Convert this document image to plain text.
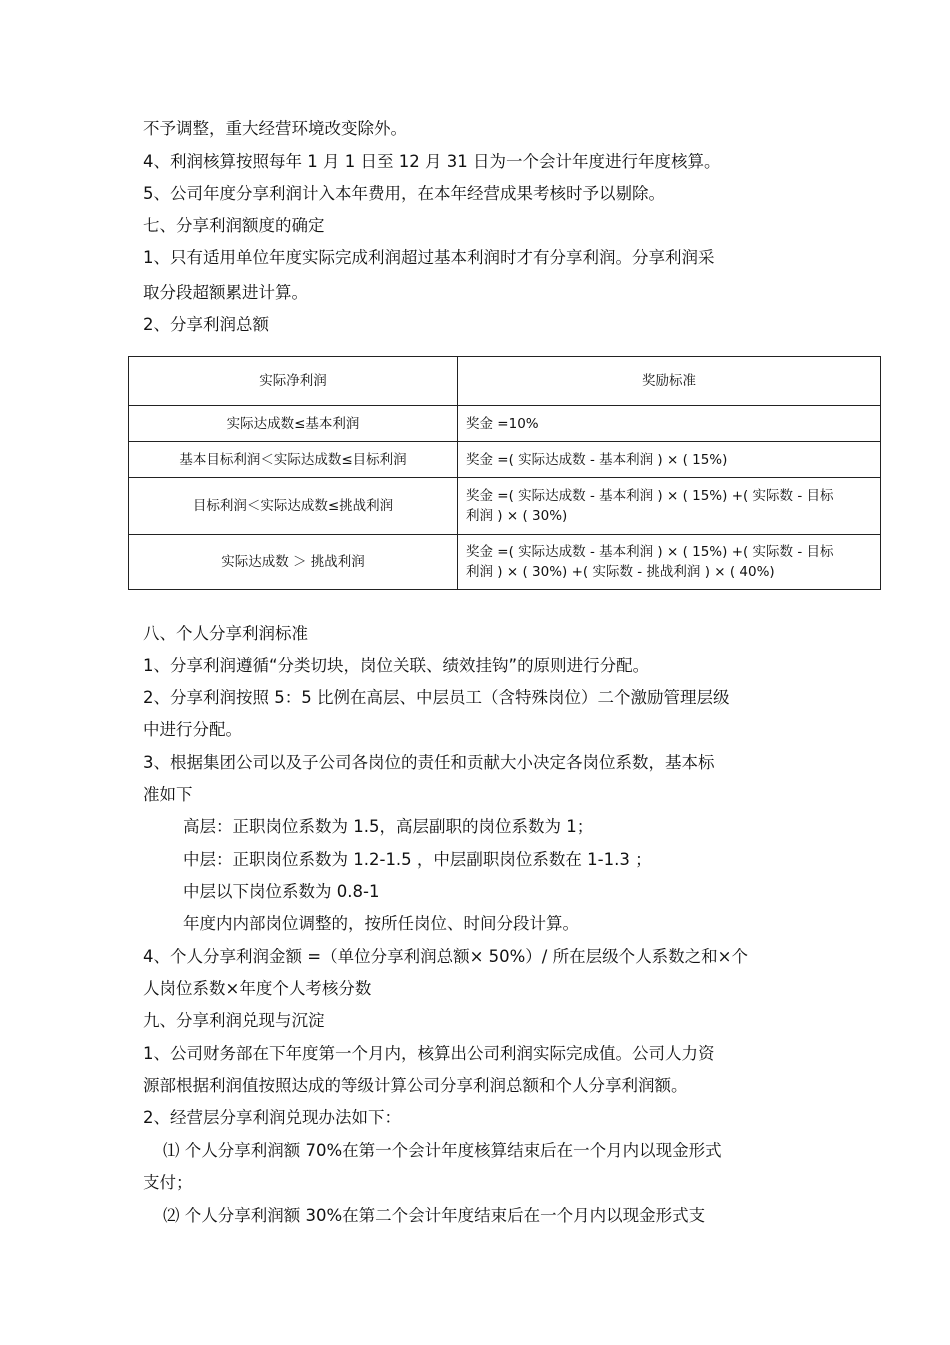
不予调整，重大经营环境改变除外。
4、利润核算按照每年 1 月 1 日至 12 月 31 日为一个会计年度进行年度核算。
5、公司年度分享利润计入本年费用，在本年经营成果考核时予以剔除。
七、分享利润额度的确定
1、只有适用单位年度实际完成利润超过基本利润时才有分享利润。分享利润采
取分段超额累进计算。
2、分享利润总额
实际净利润	奖励标准
实际达成数≤基本利润	奖金 =10%

基本目标利润＜实际达成数≤目标利润	奖金 =( 实际达成数 - 基本利润 ) × ( 15%)

目标利润＜实际达成数≤挑战利润	奖金 =( 实际达成数 - 基本利润 ) × ( 15%) +( 实际数 - 目标
利润 ) × ( 30%)

实际达成数 ＞ 挑战利润	奖金 =( 实际达成数 - 基本利润 ) × ( 15%) +( 实际数 - 目标
利润 ) × ( 30%) +( 实际数 - 挑战利润 ) × ( 40%)
八、个人分享利润标准
1、分享利润遵循“分类切块，岗位关联、绩效挂钩”的原则进行分配。
2、分享利润按照 5：5 比例在高层、中层员工（含特殊岗位）二个激励管理层级
中进行分配。
3、根据集团公司以及子公司各岗位的责任和贡献大小决定各岗位系数，基本标
准如下
高层：正职岗位系数为 1.5，高层副职的岗位系数为 1；
中层：正职岗位系数为 1.2-1.5 ，中层副职岗位系数在 1-1.3 ；
中层以下岗位系数为 0.8-1
年度内内部岗位调整的，按所任岗位、时间分段计算。
4、个人分享利润金额 =（单位分享利润总额× 50%）/ 所在层级个人系数之和×个
人岗位系数×年度个人考核分数
九、分享利润兑现与沉淀
1、公司财务部在下年度第一个月内，核算出公司利润实际完成值。公司人力资
源部根据利润值按照达成的等级计算公司分享利润总额和个人分享利润额。
2、经营层分享利润兑现办法如下：
⑴ 个人分享利润额 70%在第一个会计年度核算结束后在一个月内以现金形式
支付；
⑵ 个人分享利润额 30%在第二个会计年度结束后在一个月内以现金形式支
